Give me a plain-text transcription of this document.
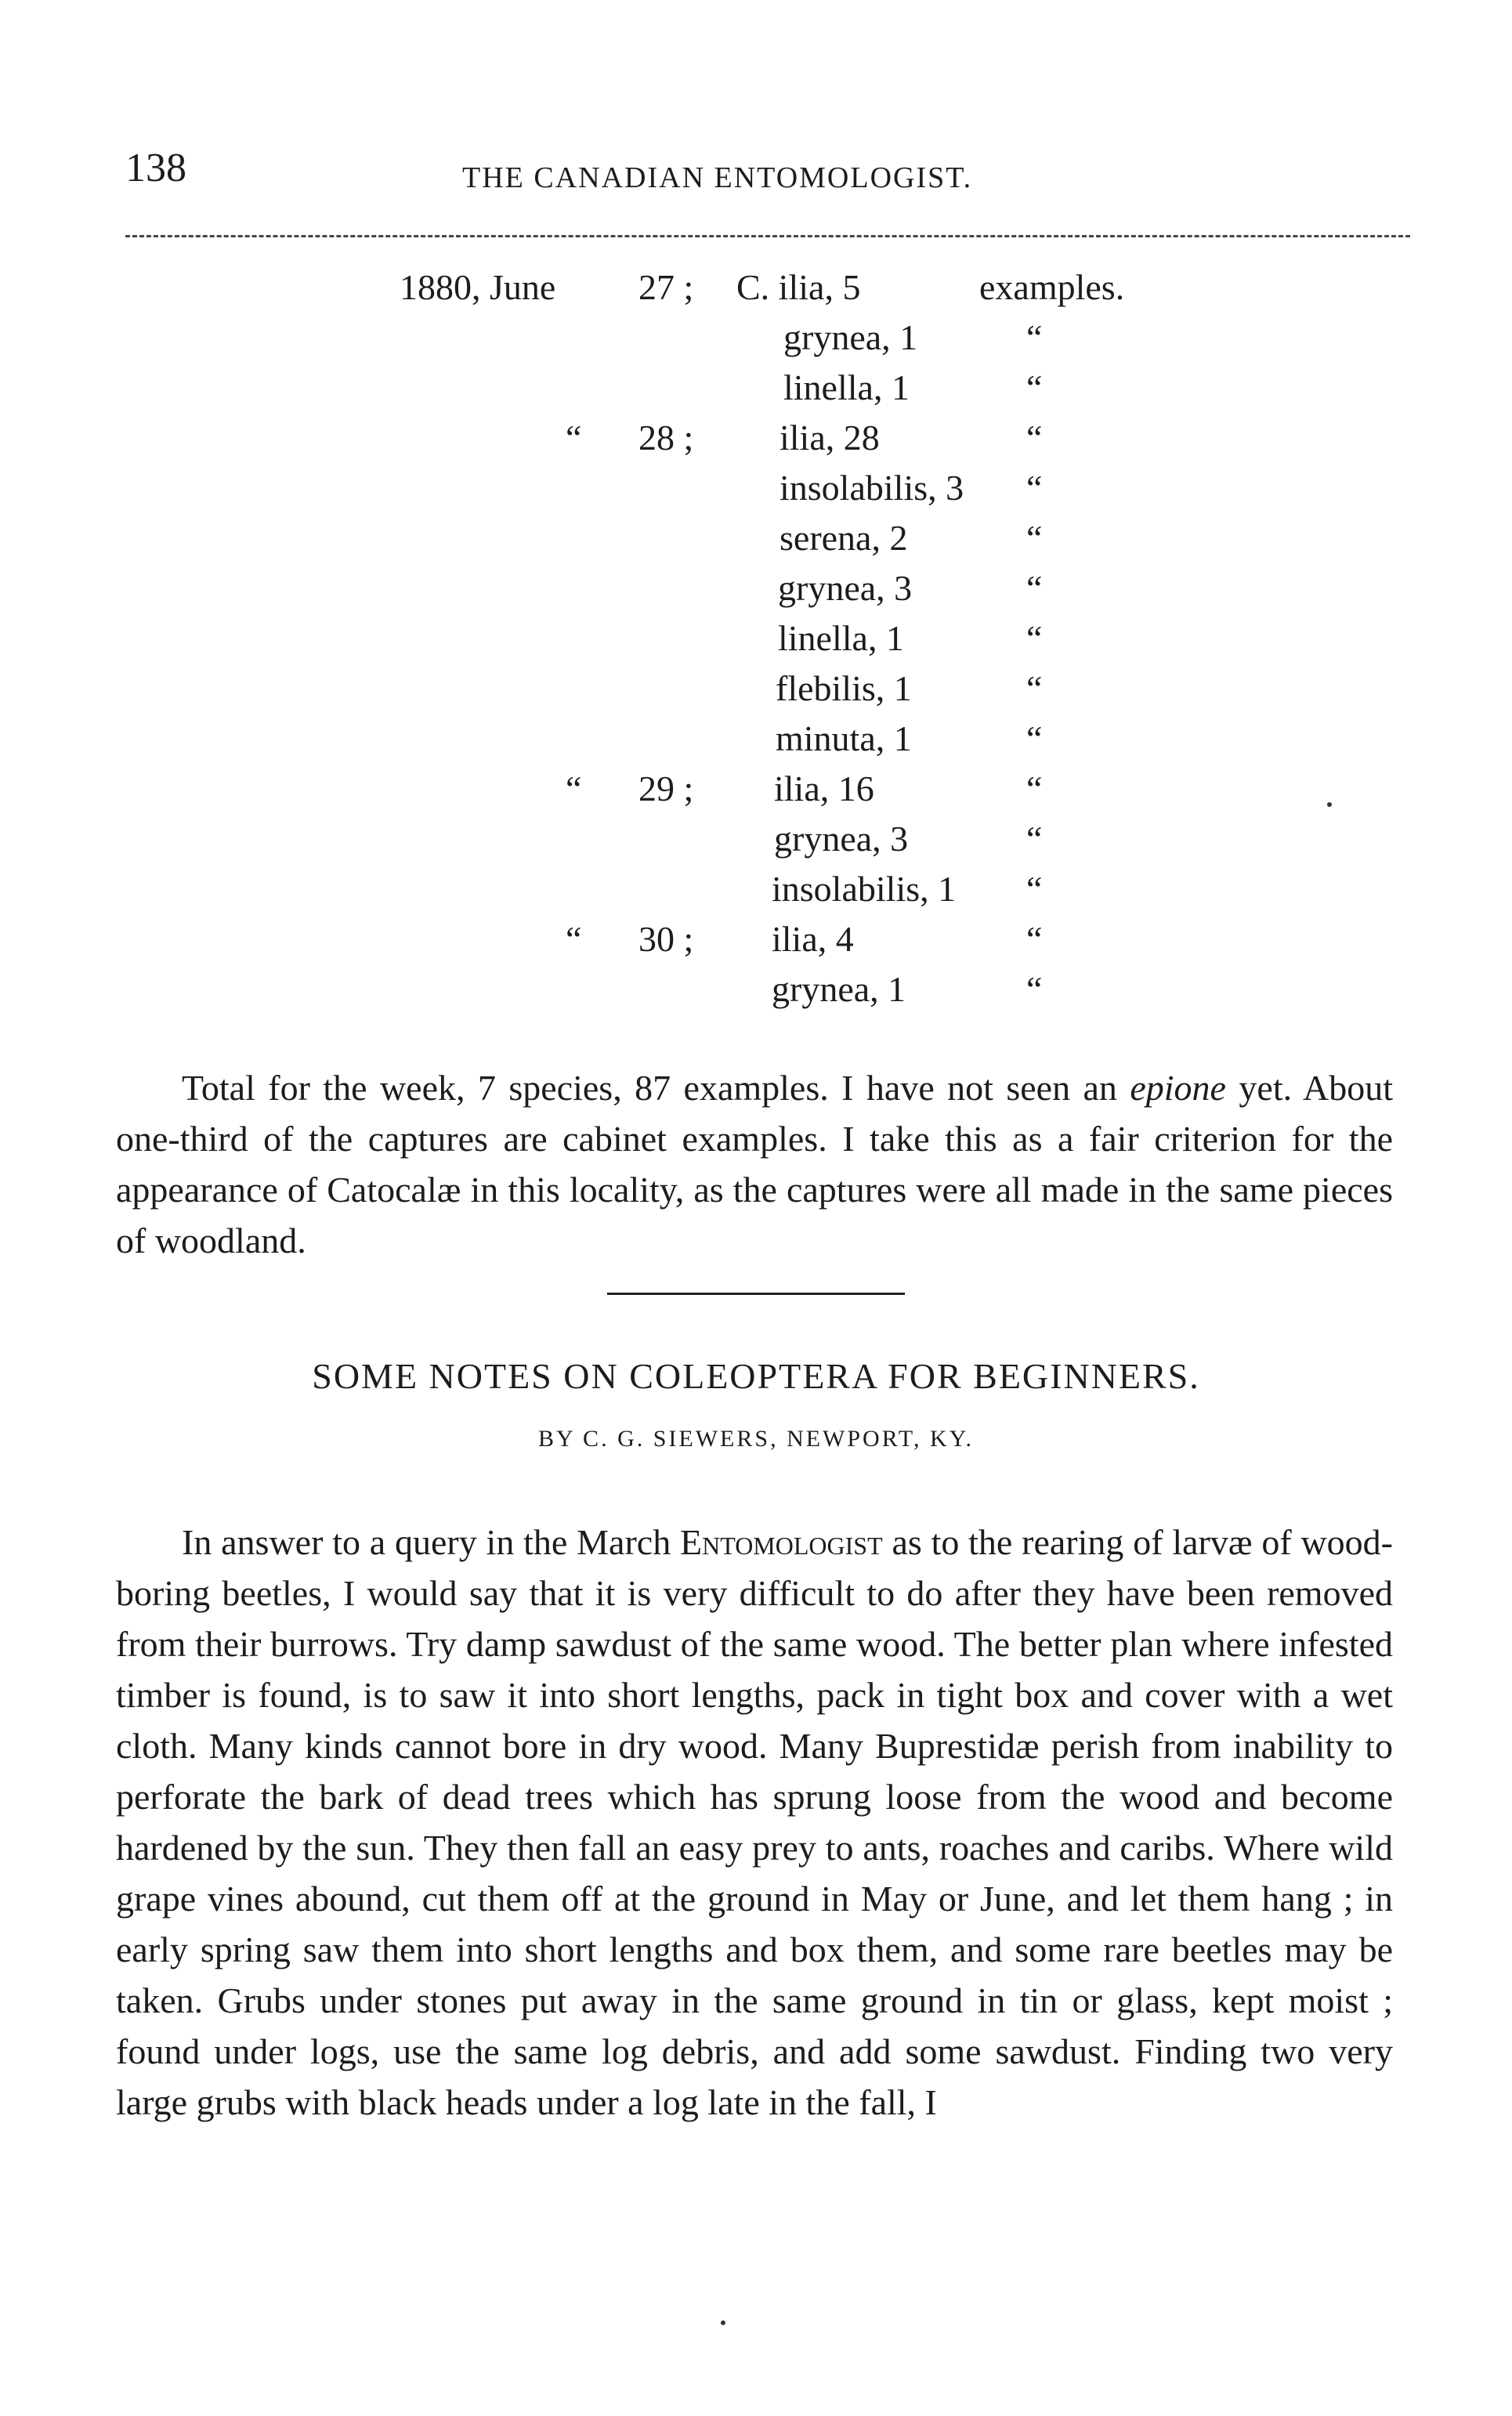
138	THE CANADIAN ENTOMOLOGIST.
1880, June 27 ; C. ilia, 5	examples.
grynea, 1	“
linella, 1	“
“ 28 ; ilia, 28	“
insolabilis, 3 “
serena, 2	“
grynea, 3	“
linella, 1	“
flebilis, 1	“
minuta, 1	“
“ 29 ; ilia, 16	“
grynea, 3	“
insolabilis, 1 “
“ 30 ; ilia, 4	“
grynea, 1	“

Total for the week, 7 species, 87 examples. I have not seen an epione yet. About one-third of the captures are cabinet examples. I take this as a fair criterion for the appearance of Catocalæ in this locality, as the captures were all made in the same pieces of woodland.

SOME NOTES ON COLEOPTERA FOR BEGINNERS.
BY C. G. SIEWERS, NEWPORT, KY.

In answer to a query in the March Entomologist as to the rearing of larvæ of wood-boring beetles, I would say that it is very difficult to do after they have been removed from their burrows. Try damp sawdust of the same wood. The better plan where infested timber is found, is to saw it into short lengths, pack in tight box and cover with a wet cloth. Many kinds cannot bore in dry wood. Many Buprestidæ perish from inability to perforate the bark of dead trees which has sprung loose from the wood and become hardened by the sun. They then fall an easy prey to ants, roaches and caribs. Where wild grape vines abound, cut them off at the ground in May or June, and let them hang ; in early spring saw them into short lengths and box them, and some rare beetles may be taken. Grubs under stones put away in the same ground in tin or glass, kept moist ; found under logs, use the same log debris, and add some sawdust. Finding two very large grubs with black heads under a log late in the fall, I
